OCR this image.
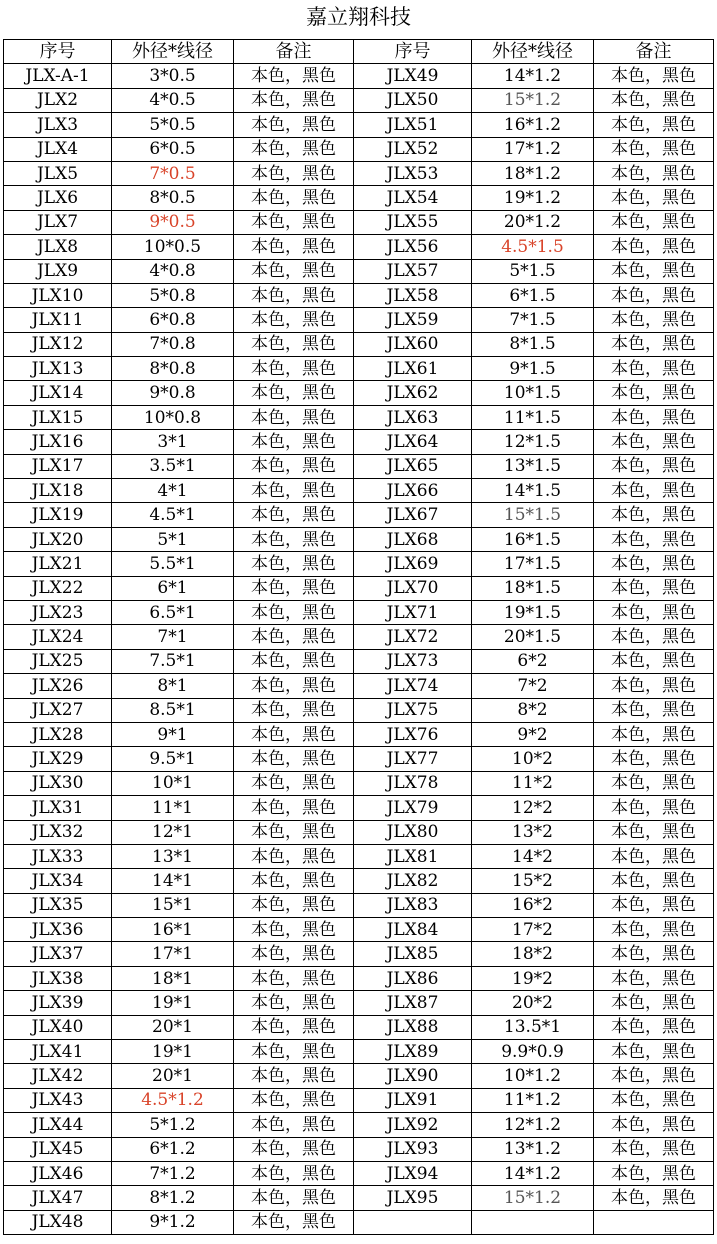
嘉立翔科技
序号	外径*线径	备注	序号	外径*线径	备注
JLX-A-1	3*0.5	本色，黑色	JLX49	14*1.2	本色，黑色
JLX2	4*0.5	本色，黑色	JLX50	15*1.2	本色，黑色
JLX3	5*0.5	本色，黑色	JLX51	16*1.2	本色，黑色
JLX4	6*0.5	本色，黑色	JLX52	17*1.2	本色，黑色
JLX5	7*0.5	本色，黑色	JLX53	18*1.2	本色，黑色
JLX6	8*0.5	本色，黑色	JLX54	19*1.2	本色，黑色
JLX7	9*0.5	本色，黑色	JLX55	20*1.2	本色，黑色
JLX8	10*0.5	本色，黑色	JLX56	4.5*1.5	本色，黑色
JLX9	4*0.8	本色，黑色	JLX57	5*1.5	本色，黑色
JLX10	5*0.8	本色，黑色	JLX58	6*1.5	本色，黑色
JLX11	6*0.8	本色，黑色	JLX59	7*1.5	本色，黑色
JLX12	7*0.8	本色，黑色	JLX60	8*1.5	本色，黑色
JLX13	8*0.8	本色，黑色	JLX61	9*1.5	本色，黑色
JLX14	9*0.8	本色，黑色	JLX62	10*1.5	本色，黑色
JLX15	10*0.8	本色，黑色	JLX63	11*1.5	本色，黑色
JLX16	3*1	本色，黑色	JLX64	12*1.5	本色，黑色
JLX17	3.5*1	本色，黑色	JLX65	13*1.5	本色，黑色
JLX18	4*1	本色，黑色	JLX66	14*1.5	本色，黑色
JLX19	4.5*1	本色，黑色	JLX67	15*1.5	本色，黑色
JLX20	5*1	本色，黑色	JLX68	16*1.5	本色，黑色
JLX21	5.5*1	本色，黑色	JLX69	17*1.5	本色，黑色
JLX22	6*1	本色，黑色	JLX70	18*1.5	本色，黑色
JLX23	6.5*1	本色，黑色	JLX71	19*1.5	本色，黑色
JLX24	7*1	本色，黑色	JLX72	20*1.5	本色，黑色
JLX25	7.5*1	本色，黑色	JLX73	6*2	本色，黑色
JLX26	8*1	本色，黑色	JLX74	7*2	本色，黑色
JLX27	8.5*1	本色，黑色	JLX75	8*2	本色，黑色
JLX28	9*1	本色，黑色	JLX76	9*2	本色，黑色
JLX29	9.5*1	本色，黑色	JLX77	10*2	本色，黑色
JLX30	10*1	本色，黑色	JLX78	11*2	本色，黑色
JLX31	11*1	本色，黑色	JLX79	12*2	本色，黑色
JLX32	12*1	本色，黑色	JLX80	13*2	本色，黑色
JLX33	13*1	本色，黑色	JLX81	14*2	本色，黑色
JLX34	14*1	本色，黑色	JLX82	15*2	本色，黑色
JLX35	15*1	本色，黑色	JLX83	16*2	本色，黑色
JLX36	16*1	本色，黑色	JLX84	17*2	本色，黑色
JLX37	17*1	本色，黑色	JLX85	18*2	本色，黑色
JLX38	18*1	本色，黑色	JLX86	19*2	本色，黑色
JLX39	19*1	本色，黑色	JLX87	20*2	本色，黑色
JLX40	20*1	本色，黑色	JLX88	13.5*1	本色，黑色
JLX41	19*1	本色，黑色	JLX89	9.9*0.9	本色，黑色
JLX42	20*1	本色，黑色	JLX90	10*1.2	本色，黑色
JLX43	4.5*1.2	本色，黑色	JLX91	11*1.2	本色，黑色
JLX44	5*1.2	本色，黑色	JLX92	12*1.2	本色，黑色
JLX45	6*1.2	本色，黑色	JLX93	13*1.2	本色，黑色
JLX46	7*1.2	本色，黑色	JLX94	14*1.2	本色，黑色
JLX47	8*1.2	本色，黑色	JLX95	15*1.2	本色，黑色
JLX48	9*1.2	本色，黑色			
